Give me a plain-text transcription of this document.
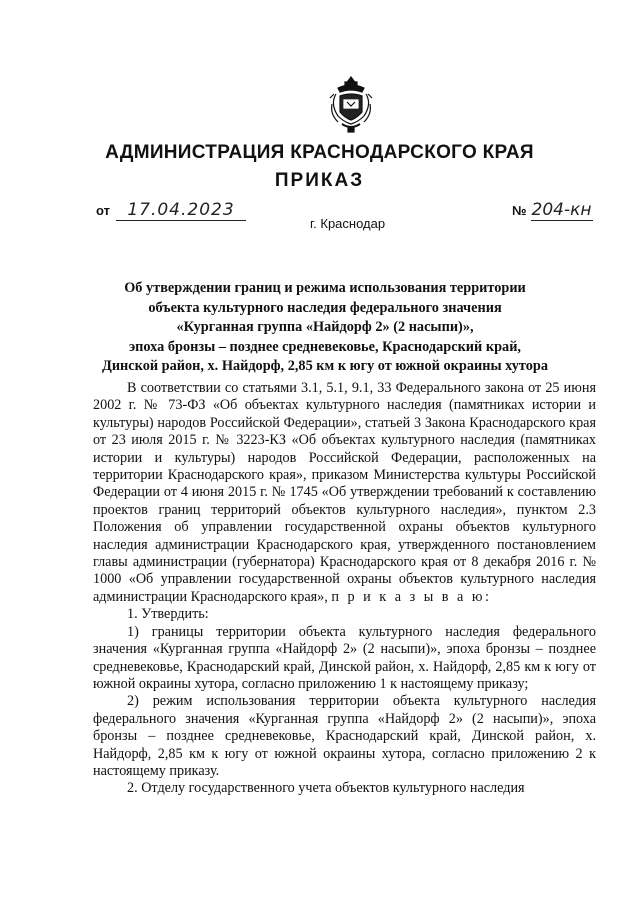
АДМИНИСТРАЦИЯ КРАСНОДАРСКОГО КРАЯ
ПРИКАЗ
от 17.04.2023
г. Краснодар
№ 204-кн
Об утверждении границ и режима использования территории
объекта культурного наследия федерального значения
«Курганная группа «Найдорф 2» (2 насыпи)»,
эпоха бронзы – позднее средневековье, Краснодарский край,
Динской район, х. Найдорф, 2,85 км к югу от южной окраины хутора

В соответствии со статьями 3.1, 5.1, 9.1, 33 Федерального закона от 25 июня 2002 г. № 73-ФЗ «Об объектах культурного наследия (памятниках истории и культуры) народов Российской Федерации», статьей 3 Закона Краснодарского края от 23 июля 2015 г. № 3223-КЗ «Об объектах культурного наследия (памятниках истории и культуры) народов Российской Федерации, расположенных на территории Краснодарского края», приказом Министерства культуры Российской Федерации от 4 июня 2015 г. № 1745 «Об утверждении требований к составлению проектов границ территорий объектов культурного наследия», пунктом 2.3 Положения об управлении государственной охраны объектов культурного наследия администрации Краснодарского края, утвержденного постановлением главы администрации (губернатора) Краснодарского края от 8 декабря 2016 г. № 1000 «Об управлении государственной охраны объектов культурного наследия администрации Краснодарского края», п р и к а з ы в а ю:

1. Утвердить:

1) границы территории объекта культурного наследия федерального значения «Курганная группа «Найдорф 2» (2 насыпи)», эпоха бронзы – позднее средневековье, Краснодарский край, Динской район, х. Найдорф, 2,85 км к югу от южной окраины хутора, согласно приложению 1 к настоящему приказу;

2) режим использования территории объекта культурного наследия федерального значения «Курганная группа «Найдорф 2» (2 насыпи)», эпоха бронзы – позднее средневековье, Краснодарский край, Динской район, х. Найдорф, 2,85 км к югу от южной окраины хутора, согласно приложению 2 к настоящему приказу.

2. Отделу государственного учета объектов культурного наследия
